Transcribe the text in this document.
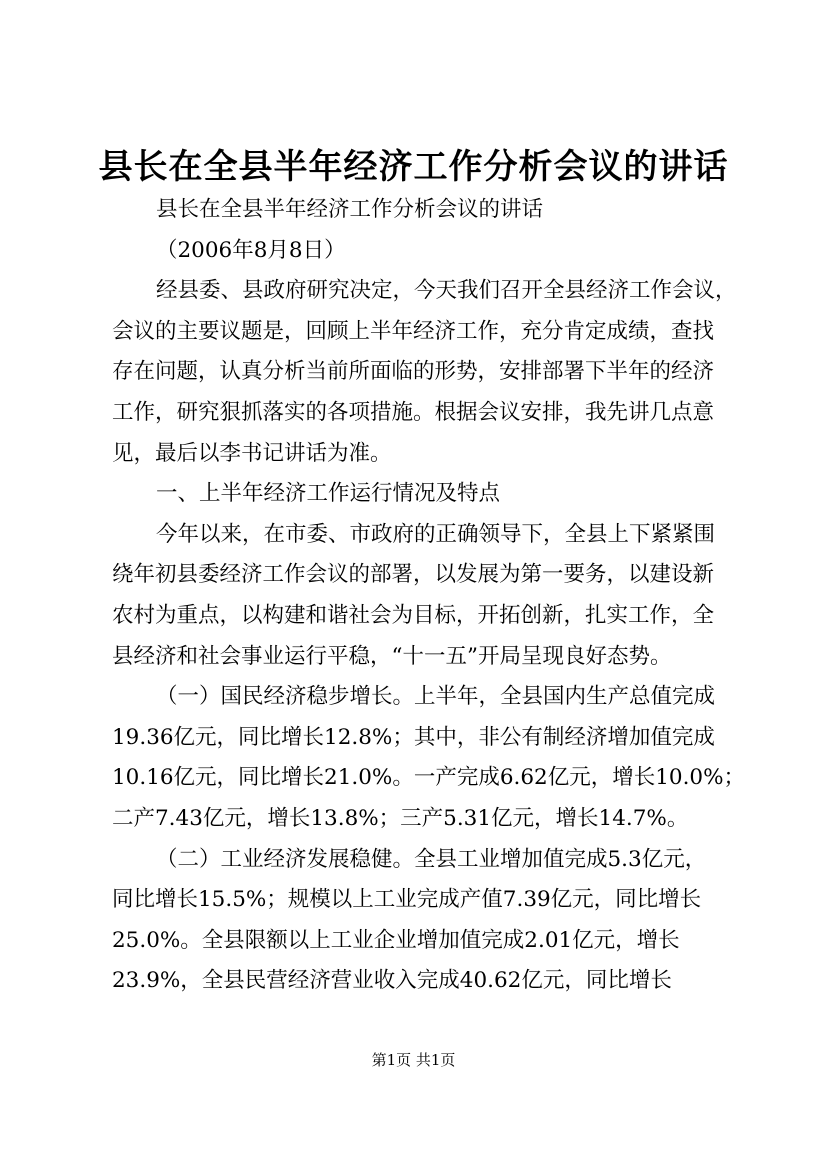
县长在全县半年经济工作分析会议的讲话

县长在全县半年经济工作分析会议的讲话

（2006年8月8日）

经县委、县政府研究决定，今天我们召开全县经济工作会议，
会议的主要议题是，回顾上半年经济工作，充分肯定成绩，查找
存在问题，认真分析当前所面临的形势，安排部署下半年的经济
工作，研究狠抓落实的各项措施。根据会议安排，我先讲几点意
见，最后以李书记讲话为准。

一、上半年经济工作运行情况及特点

今年以来，在市委、市政府的正确领导下，全县上下紧紧围
绕年初县委经济工作会议的部署，以发展为第一要务，以建设新
农村为重点，以构建和谐社会为目标，开拓创新，扎实工作，全
县经济和社会事业运行平稳，“十一五”开局呈现良好态势。

（一）国民经济稳步增长。上半年，全县国内生产总值完成
19.36亿元，同比增长12.8%；其中，非公有制经济增加值完成
10.16亿元，同比增长21.0%。一产完成6.62亿元，增长10.0%；
二产7.43亿元，增长13.8%；三产5.31亿元，增长14.7%。

（二）工业经济发展稳健。全县工业增加值完成5.3亿元，
同比增长15.5%；规模以上工业完成产值7.39亿元，同比增长
25.0%。全县限额以上工业企业增加值完成2.01亿元，增长
23.9%，全县民营经济营业收入完成40.62亿元，同比增长

第1页 共1页
